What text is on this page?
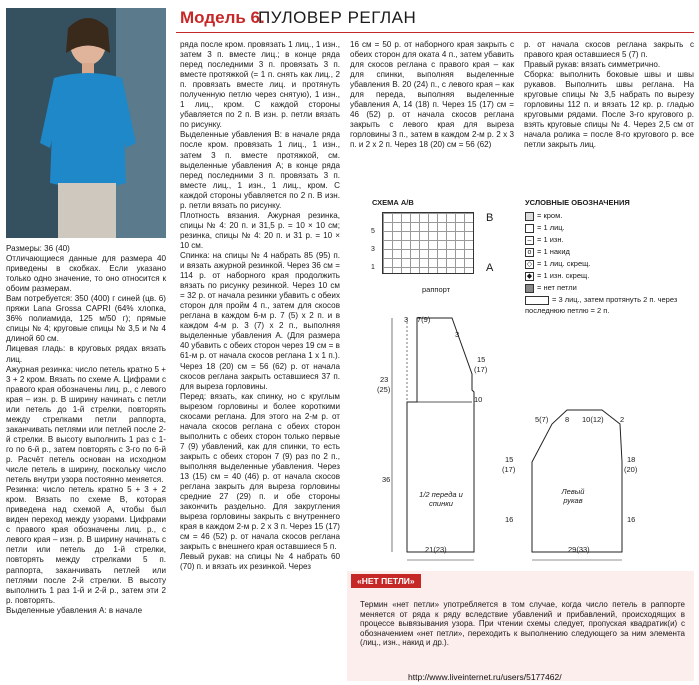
Модель 6.
ПУЛОВЕР РЕГЛАН
Размеры: 36 (40)
Отличающиеся данные для размера 40 приведены в скобках. Если указано только одно значение, то оно относится к обоим размерам.
Вам потребуется: 350 (400) г синей (цв. 6) пряжи Lana Grossa CAPRI (64% хлопка, 36% полиамида, 125 м/50 г); прямые спицы № 4; круговые спицы № 3,5 и № 4 длиной 60 см.
Лицевая гладь: в круговых рядах вязать лиц.
Ажурная резинка: число петель кратно 5 + 3 + 2 кром. Вязать по схеме А. Цифрами с правого края обозначены лиц. р., с левого края – изн. р. В ширину начинать с петли или петель до 1-й стрелки, повторять между стрелками петли раппорта, заканчивать петлями или петлей после 2-й стрелки. В высоту выполнить 1 раз с 1-го по 6-й р., затем повторять с 3-го по 6-й р. Расчёт петель основан на исходном числе петель в ширину, поскольку число петель внутри узора постоянно меняется.
Резинка: число петель кратно 5 + 3 + 2 кром. Вязать по схеме В, которая приведена над схемой А, чтобы был виден переход между узорами. Цифрами с правого края обозначены лиц. р., с левого края – изн. р. В ширину начинать с петли или петель до 1-й стрелки, повторять между стрелками 5 п. раппорта, заканчивать петлей или петлями после 2-й стрелки. В высоту выполнить 1 раз 1-й и 2-й р., затем эти 2 р. повторять.
Выделенные убавления А: в начале
ряда после кром. провязать 1 лиц., 1 изн., затем 3 п. вместе лиц.; в конце ряда перед последними 3 п. провязать 3 п. вместе протяжкой (= 1 п. снять как лиц., 2 п. провязать вместе лиц. и протянуть полученную петлю через снятую), 1 изн., 1 лиц., кром. С каждой стороны убавляется по 2 п. В изн. р. петли вязать по рисунку.
Выделенные убавления В: в начале ряда после кром. провязать 1 лиц., 1 изн., затем 3 п. вместе протяжкой, см. выделенные убавления А; в конце ряда перед последними 3 п. провязать 3 п. вместе лиц., 1 изн., 1 лиц., кром. С каждой стороны убавляется по 2 п. В изн. р. петли вязать по рисунку.
Плотность вязания. Ажурная резинка, спицы № 4: 20 п. и 31,5 р. = 10 × 10 см; резинка, спицы № 4: 20 п. и 31 р. = 10 × 10 см.
Спинка: на спицы № 4 набрать 85 (95) п. и вязать ажурной резинкой. Через 36 см = 114 р. от наборного края продолжить вязать по рисунку резинкой. Через 10 см = 32 р. от начала резинки убавить с обеих сторон для пройм 4 п., затем для скосов реглана в каждом 6-м р. 7 (5) x 2 п. и в каждом 4-м р. 3 (7) x 2 п., выполняя выделенные убавления А. (Для размера 40 убавить с обеих сторон через 19 см = в 61-м р. от начала скосов реглана 1 x 1 п.). Через 18 (20) см = 56 (62) р. от начала скосов реглана закрыть оставшиеся 37 п. для выреза горловины.
Перед: вязать, как спинку, но с круглым вырезом горловины и более короткими скосами реглана. Для этого на 2-м р. от начала скосов реглана с обеих сторон выполнить с обеих сторон только первые 7 (9) убавлений, как для спинки, то есть закрыть с обеих сторон 7 (9) раз по 2 п., выполняя выделенные убавления. Через 13 (15) см = 40 (46) р. от начала скосов реглана закрыть для выреза горловины средние 27 (29) п. и обе стороны закончить раздельно. Для закругления выреза горловины закрыть с внутреннего края в каждом 2-м р. 2 x 3 п. Через 15 (17) см = 46 (52) р. от начала скосов реглана закрыть с внешнего края оставшиеся 5 п.
Левый рукав: на спицы № 4 набрать 60 (70) п. и вязать их резинкой. Через
16 см = 50 р. от наборного края закрыть с обеих сторон для оката 4 п., затем убавить для скосов реглана с правого края – как для спинки, выполняя выделенные убавления В. 20 (24) п., с левого края – как для переда, выполняя выделенные убавления А, 14 (18) п. Через 15 (17) см = 46 (52) р. от начала скосов реглана закрыть с левого края для выреза горловины 3 п., затем в каждом 2-м р. 2 x 3 п. и 2 x 2 п. Через 18 (20) см = 56 (62)
р. от начала скосов реглана закрыть с правого края оставшиеся 5 (7) п.
Правый рукав: вязать симметрично.
Сборка: выполнить боковые швы и швы рукавов. Выполнить швы реглана. На круговые спицы № 3,5 набрать по вырезу горловины 112 п. и вязать 12 кр. р. гладью круговыми рядами. После 3-го кругового р. взять круговые спицы № 4. Через 2,5 см от начала ролика = после 8-го кругового р. все петли закрыть лиц.
СХЕМА А/В
5
3
1
B
A
раппорт
УСЛОВНЫЕ ОБОЗНАЧЕНИЯ
= кром.
= 1 лиц.
– = 1 изн.
o = 1 накид
◇ = 1 лиц. скрещ.
◆ = 1 изн. скрещ.
= нет петли
= 3 лиц., затем протянуть 2 п. через последнюю петлю = 2 п.
3 7(9)
3
15
(17)
23
(25)
10
36
1/2 переда и спинки
21(23)
5(7) 8 10(12) 2
15
(17)
18
(20)
16	16
Левый рукав
29(33)
«НЕТ ПЕТЛИ»
Термин «нет петли» употребляется в том случае, когда число петель в раппорте меняется от ряда к ряду вследствие убавлений и прибавлений, происходящих в процессе вывязывания узора. При чтении схемы следует, пропуская квадратик(и) с обозначением «нет петли», переходить к выполнению следующего за ним элемента (лиц., изн., накид и др.).
http://www.liveinternet.ru/users/5177462/
